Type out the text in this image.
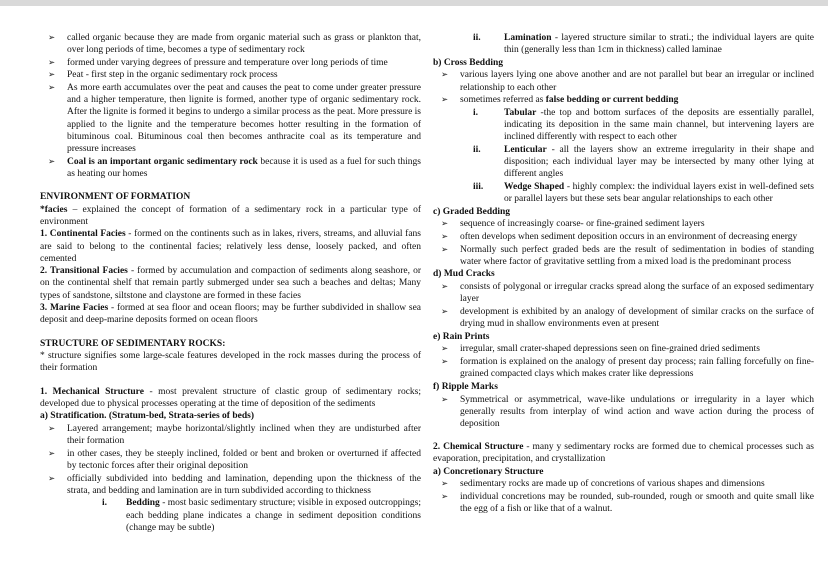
➢	called organic because they are made from organic material such as grass or plankton that, over long periods of time, becomes a type of sedimentary rock
➢	formed under varying degrees of pressure and temperature over long periods of time
➢	Peat - first step in the organic sedimentary rock process
➢	As more earth accumulates over the peat and causes the peat to come under greater pressure and a higher temperature, then lignite is formed, another type of organic sedimentary rock. After the lignite is formed it begins to undergo a similar process as the peat. More pressure is applied to the lignite and the temperature becomes hotter resulting in the formation of bituminous coal. Bituminous coal then becomes anthracite coal as its temperature and pressure increases
➢	Coal is an important organic sedimentary rock because it is used as a fuel for such things as heating our homes
ENVIRONMENT OF FORMATION
*facies – explained the concept of formation of a sedimentary rock in a particular type of environment
1. Continental Facies - formed on the continents such as in lakes, rivers, streams, and alluvial fans are said to belong to the continental facies; relatively less dense, loosely packed, and often cemented
2. Transitional Facies - formed by accumulation and compaction of sediments along seashore, or on the continental shelf that remain partly submerged under sea such a beaches and deltas; Many types of sandstone, siltstone and claystone are formed in these facies
3. Marine Facies - formed at sea floor and ocean floors; may be further subdivided in shallow sea deposit and deep-marine deposits formed on ocean floors
STRUCTURE OF SEDIMENTARY ROCKS:
* structure signifies some large-scale features developed in the rock masses during the process of their formation
1. Mechanical Structure - most prevalent structure of clastic group of sedimentary rocks; developed due to physical processes operating at the time of deposition of the sediments
a) Stratification. (Stratum-bed, Strata-series of beds)
➢	Layered arrangement; maybe horizontal/slightly inclined when they are undisturbed after their formation
➢	in other cases, they be steeply inclined, folded or bent and broken or overturned if affected by tectonic forces after their original deposition
➢	officially subdivided into bedding and lamination, depending upon the thickness of the strata, and bedding and lamination are in turn subdivided according to thickness
i.	Bedding - most basic sedimentary structure; visible in exposed outcroppings; each bedding plane indicates a change in sediment deposition conditions (change may be subtle)
ii.	Lamination - layered structure similar to strati.; the individual layers are quite thin (generally less than 1cm in thickness) called laminae
b) Cross Bedding
➢	various layers lying one above another and are not parallel but bear an irregular or inclined relationship to each other
➢	sometimes referred as false bedding or current bedding
i.	Tabular -the top and bottom surfaces of the deposits are essentially parallel, indicating its deposition in the same main channel, but intervening layers are inclined differently with respect to each other
ii.	Lenticular - all the layers show an extreme irregularity in their shape and disposition; each individual layer may be intersected by many other lying at different angles
iii.	Wedge Shaped - highly complex: the individual layers exist in well-defined sets or parallel layers but these sets bear angular relationships to each other
c) Graded Bedding
➢	sequence of increasingly coarse- or fine-grained sediment layers
➢	often develops when sediment deposition occurs in an environment of decreasing energy
➢	Normally such perfect graded beds are the result of sedimentation in bodies of standing water where factor of gravitative settling from a mixed load is the predominant process
d) Mud Cracks
➢	consists of polygonal or irregular cracks spread along the surface of an exposed sedimentary layer
➢	development is exhibited by an analogy of development of similar cracks on the surface of drying mud in shallow environments even at present
e) Rain Prints
➢	irregular, small crater-shaped depressions seen on fine-grained dried sediments
➢	formation is explained on the analogy of present day process; rain falling forcefully on fine-grained compacted clays which makes crater like depressions
f) Ripple Marks
➢	Symmetrical or asymmetrical, wave-like undulations or irregularity in a layer which generally results from interplay of wind action and wave action during the process of deposition
2. Chemical Structure - many y sedimentary rocks are formed due to chemical processes such as evaporation, precipitation, and crystallization
a) Concretionary Structure
➢	sedimentary rocks are made up of concretions of various shapes and dimensions
➢	individual concretions may be rounded, sub-rounded, rough or smooth and quite small like the egg of a fish or like that of a walnut.
